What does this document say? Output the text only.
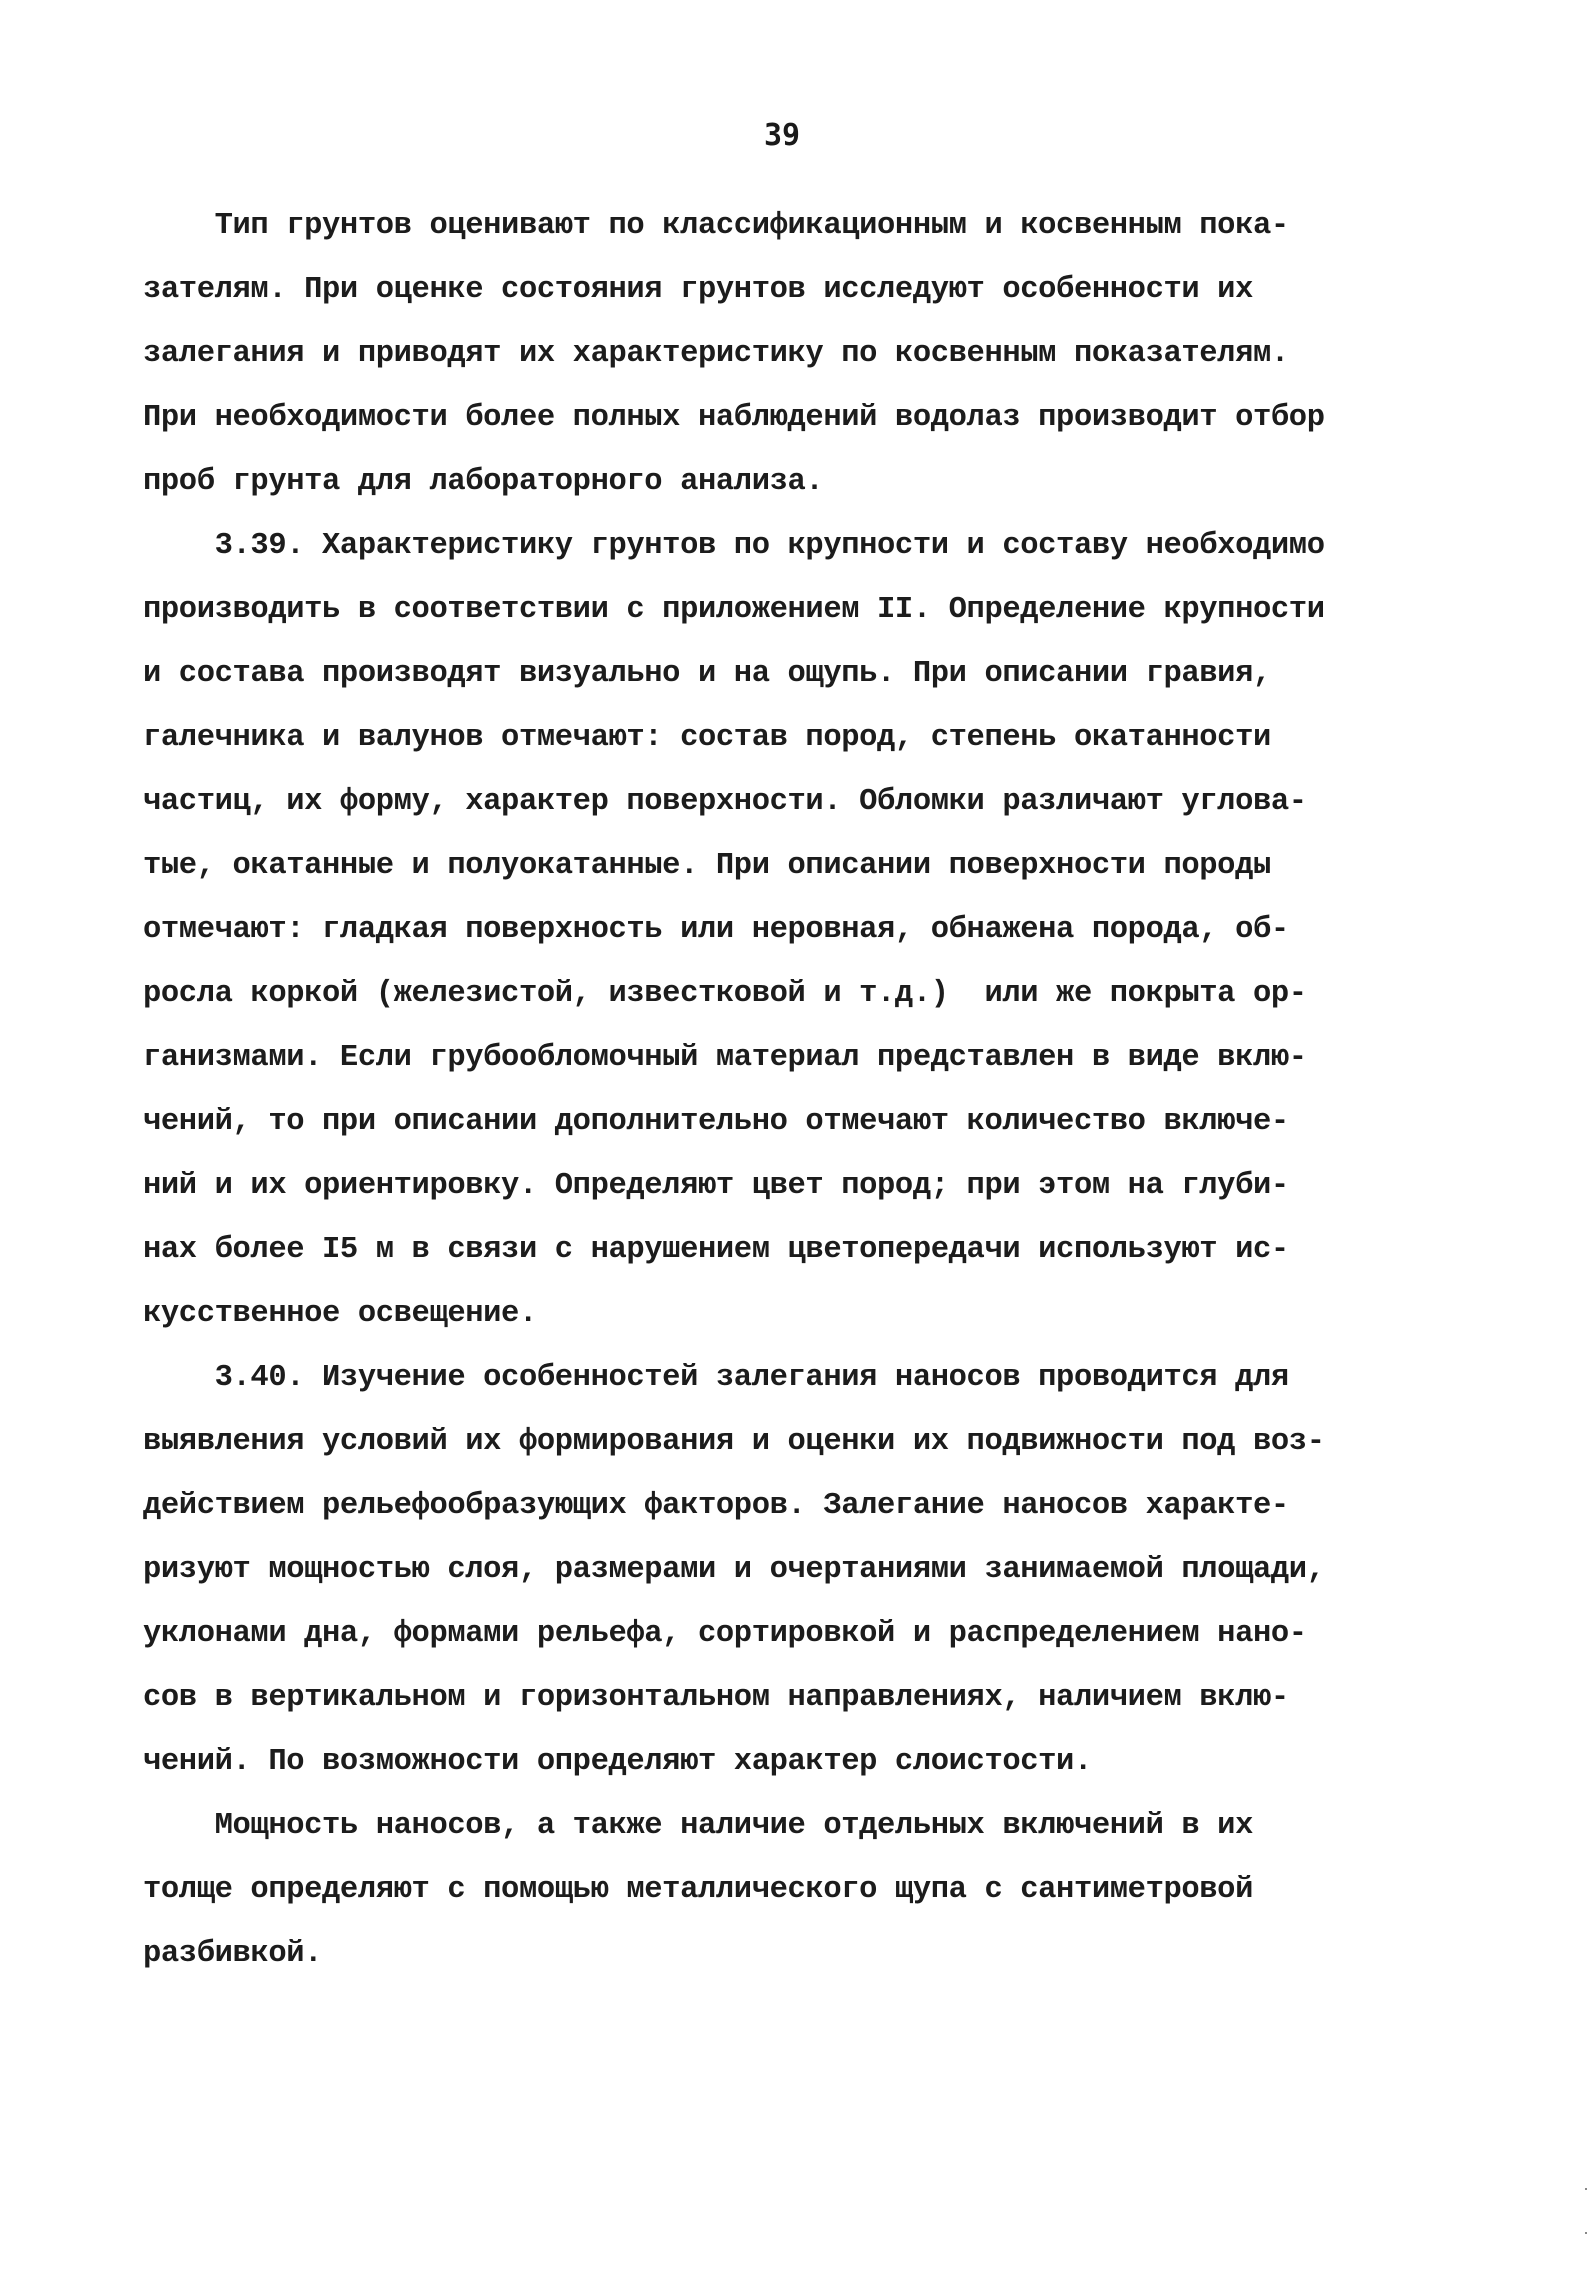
39
Тип грунтов оценивают по классификационным и косвенным пока-
зателям. При оценке состояния грунтов исследуют особенности их
залегания и приводят их характеристику по косвенным показателям.
При необходимости более полных наблюдений водолаз производит отбор
проб грунта для лабораторного анализа.
3.39. Характеристику грунтов по крупности и составу необходимо
производить в соответствии с приложением II. Определение крупности
и состава производят визуально и на ощупь. При описании гравия,
галечника и валунов отмечают: состав пород, степень окатанности
частиц, их форму, характер поверхности. Обломки различают углова-
тые, окатанные и полуокатанные. При описании поверхности породы
отмечают: гладкая поверхность или неровная, обнажена порода, об-
росла коркой (железистой, известковой и т.д.)  или же покрыта ор-
ганизмами. Если грубообломочный материал представлен в виде вклю-
чений, то при описании дополнительно отмечают количество включе-
ний и их ориентировку. Определяют цвет пород; при этом на глуби-
нах более I5 м в связи с нарушением цветопередачи используют ис-
кусственное освещение.
3.40. Изучение особенностей залегания наносов проводится для
выявления условий их формирования и оценки их подвижности под воз-
действием рельефообразующих факторов. Залегание наносов характе-
ризуют мощностью слоя, размерами и очертаниями занимаемой площади,
уклонами дна, формами рельефа, сортировкой и распределением нано-
сов в вертикальном и горизонтальном направлениях, наличием вклю-
чений. По возможности определяют характер слоистости.
Мощность наносов, а также наличие отдельных включений в их
толще определяют с помощью металлического щупа с сантиметровой
разбивкой.
